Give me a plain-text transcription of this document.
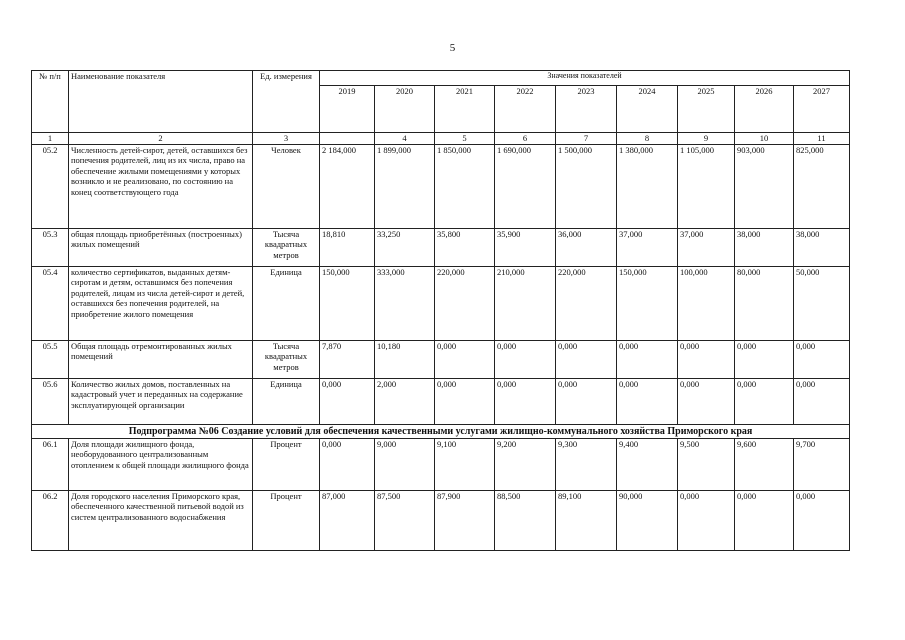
5
№ п/п	Наименование показателя	Ед. измерения	Значения показателей								
			2019	2020	2021	2022	2023	2024	2025	2026	2027
1	2	3		4	5	6	7	8	9	10	11
05.2	Численность детей-сирот, детей, оставшихся без попечения родителей, лиц из их числа, право на обеспечение жилыми помещениями у которых возникло и не реализовано, по состоянию на конец соответствующего года	Человек	2 184,000	1 899,000	1 850,000	1 690,000	1 500,000	1 380,000	1 105,000	903,000	825,000
05.3	общая площадь приобретённых (построенных) жилых помещений	Тысяча квадратных метров	18,810	33,250	35,800	35,900	36,000	37,000	37,000	38,000	38,000
05.4	количество сертификатов, выданных детям-сиротам и детям, оставшимся без попечения родителей, лицам из числа детей-сирот и детей, оставшихся без попечения родителей, на приобретение жилого помещения	Единица	150,000	333,000	220,000	210,000	220,000	150,000	100,000	80,000	50,000
05.5	Общая площадь отремонтированных жилых помещений	Тысяча квадратных метров	7,870	10,180	0,000	0,000	0,000	0,000	0,000	0,000	0,000
05.6	Количество жилых домов, поставленных на кадастровый учет и переданных на содержание эксплуатирующей организации	Единица	0,000	2,000	0,000	0,000	0,000	0,000	0,000	0,000	0,000
Подпрограмма №06 Создание условий для обеспечения качественными услугами жилищно-коммунального хозяйства Приморского края											
06.1	Доля площади жилищного фонда, необорудованного централизованным отоплением к общей площади жилищного фонда	Процент	0,000	9,000	9,100	9,200	9,300	9,400	9,500	9,600	9,700
06.2	Доля городского населения Приморского края, обеспеченного качественной питьевой водой из систем централизованного водоснабжения	Процент	87,000	87,500	87,900	88,500	89,100	90,000	0,000	0,000	0,000
